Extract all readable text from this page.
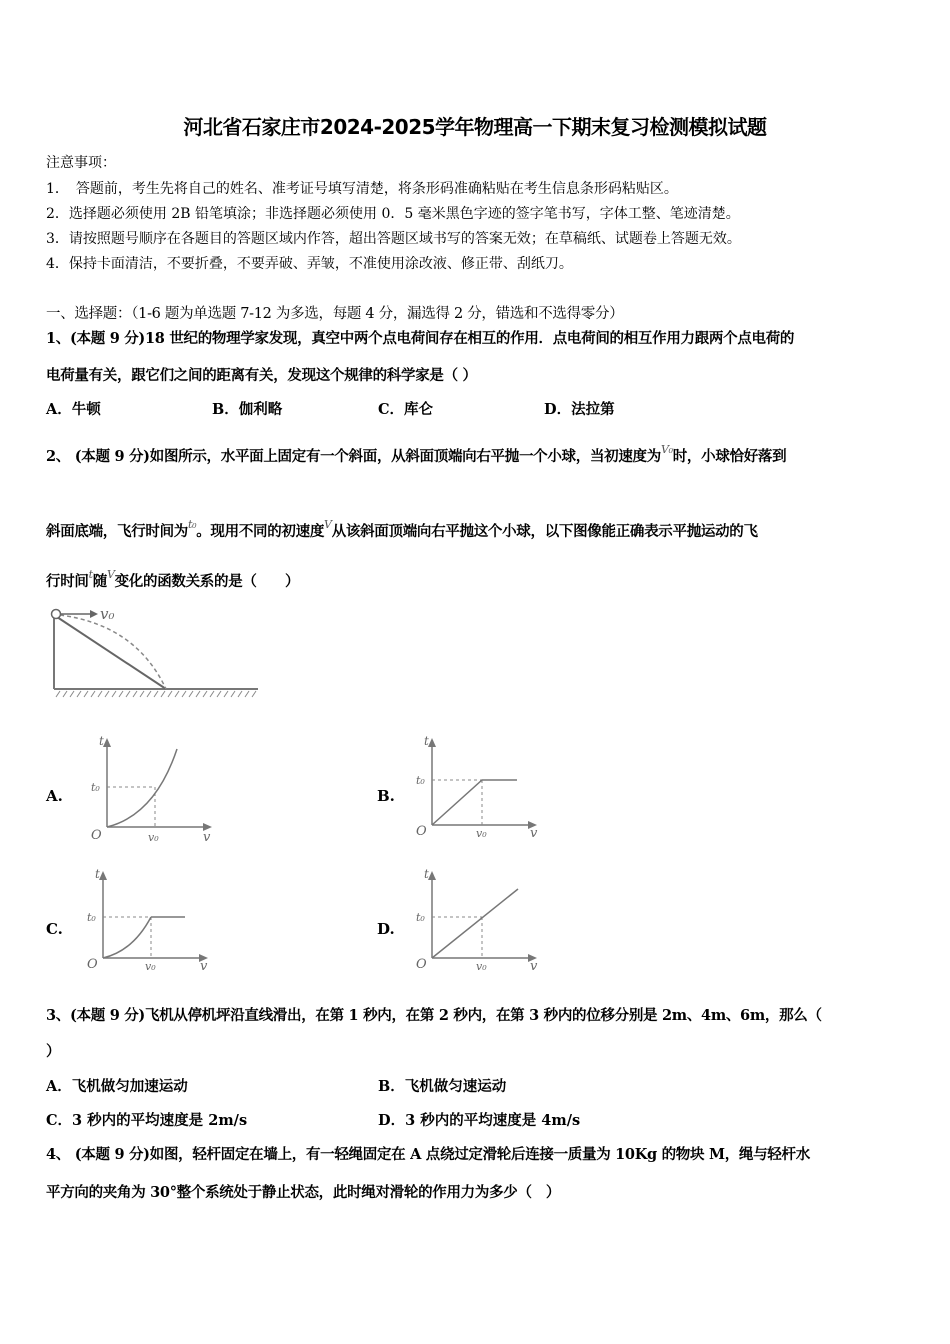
河北省石家庄市2024-2025学年物理高一下期末复习检测模拟试题
注意事项：
1．　答题前，考生先将自己的姓名、准考证号填写清楚，将条形码准确粘贴在考生信息条形码粘贴区。
2．选择题必须使用 2B 铅笔填涂；非选择题必须使用 0．5 毫米黑色字迹的签字笔书写，字体工整、笔迹清楚。
3．请按照题号顺序在各题目的答题区域内作答，超出答题区域书写的答案无效；在草稿纸、试题卷上答题无效。
4．保持卡面清洁，不要折叠，不要弄破、弄皱，不准使用涂改液、修正带、刮纸刀。
一、选择题：（1-6 题为单选题 7-12 为多选，每题 4 分，漏选得 2 分，错选和不选得零分）
1、(本题 9 分)18 世纪的物理学家发现，真空中两个点电荷间存在相互的作用．点电荷间的相互作用力跟两个点电荷的
电荷量有关，跟它们之间的距离有关，发现这个规律的科学家是（ ）
A．牛顿	B．伽利略	C．库仑	D．法拉第
2、 (本题 9 分)如图所示，水平面上固定有一个斜面，从斜面顶端向右平抛一个小球，当初速度为$^{V_0}$时，小球恰好落到
斜面底端，飞行时间为$^{t_0}$。现用不同的初速度$^V$从该斜面顶端向右平抛这个小球，以下图像能正确表示平抛运动的飞
行时间$^t$随$^V$变化的函数关系的是（　　）
v₀
A.
t
t₀
O	v₀	v
B.
t
t₀
O	v₀	v
C.
t
t₀
O	v₀	v
D.
t
t₀
O	v₀	v
3、(本题 9 分)飞机从停机坪沿直线滑出，在第 1 秒内，在第 2 秒内，在第 3 秒内的位移分别是 2m、4m、6m，那么（
）
A．飞机做匀加速运动	B．飞机做匀速运动
C．3 秒内的平均速度是 2m/s	D．3 秒内的平均速度是 4m/s
4、 (本题 9 分)如图，轻杆固定在墙上，有一轻绳固定在 A 点绕过定滑轮后连接一质量为 10Kg 的物块 M，绳与轻杆水
平方向的夹角为 30°整个系统处于静止状态，此时绳对滑轮的作用力为多少（　）
